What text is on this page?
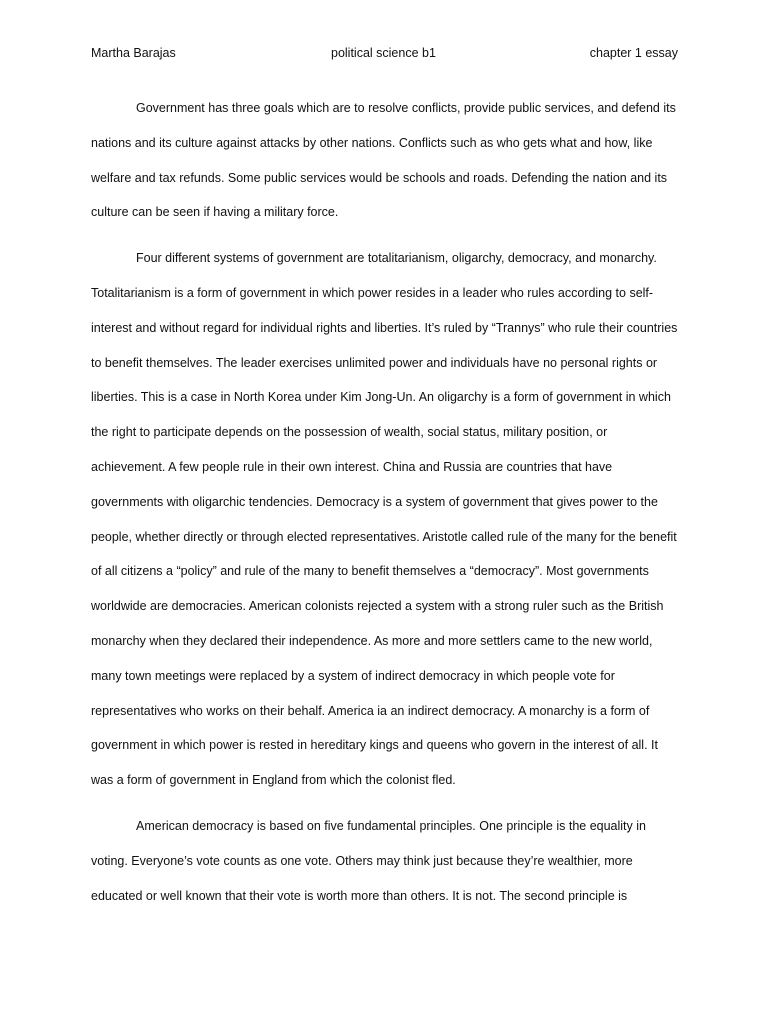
Martha Barajas	political science b1	chapter 1 essay

Government has three goals which are to resolve conflicts, provide public services, and defend its nations and its culture against attacks by other nations. Conflicts such as who gets what and how, like welfare and tax refunds. Some public services would be schools and roads. Defending the nation and its culture can be seen if having a military force.

Four different systems of government are totalitarianism, oligarchy, democracy, and monarchy. Totalitarianism is a form of government in which power resides in a leader who rules according to self-interest and without regard for individual rights and liberties. It’s ruled by “Trannys” who rule their countries to benefit themselves. The leader exercises unlimited power and individuals have no personal rights or liberties. This is a case in North Korea under Kim Jong-Un. An oligarchy is a form of government in which the right to participate depends on the possession of wealth, social status, military position, or achievement. A few people rule in their own interest. China and Russia are countries that have governments with oligarchic tendencies. Democracy is a system of government that gives power to the people, whether directly or through elected representatives. Aristotle called rule of the many for the benefit of all citizens a “policy” and rule of the many to benefit themselves a “democracy”. Most governments worldwide are democracies. American colonists rejected a system with a strong ruler such as the British monarchy when they declared their independence. As more and more settlers came to the new world, many town meetings were replaced by a system of indirect democracy in which people vote for representatives who works on their behalf. America ia an indirect democracy. A monarchy is a form of government in which power is rested in hereditary kings and queens who govern in the interest of all. It was a form of government in England from which the colonist fled.

American democracy is based on five fundamental principles. One principle is the equality in voting. Everyone’s vote counts as one vote. Others may think just because they’re wealthier, more educated or well known that their vote is worth more than others. It is not. The second principle is
